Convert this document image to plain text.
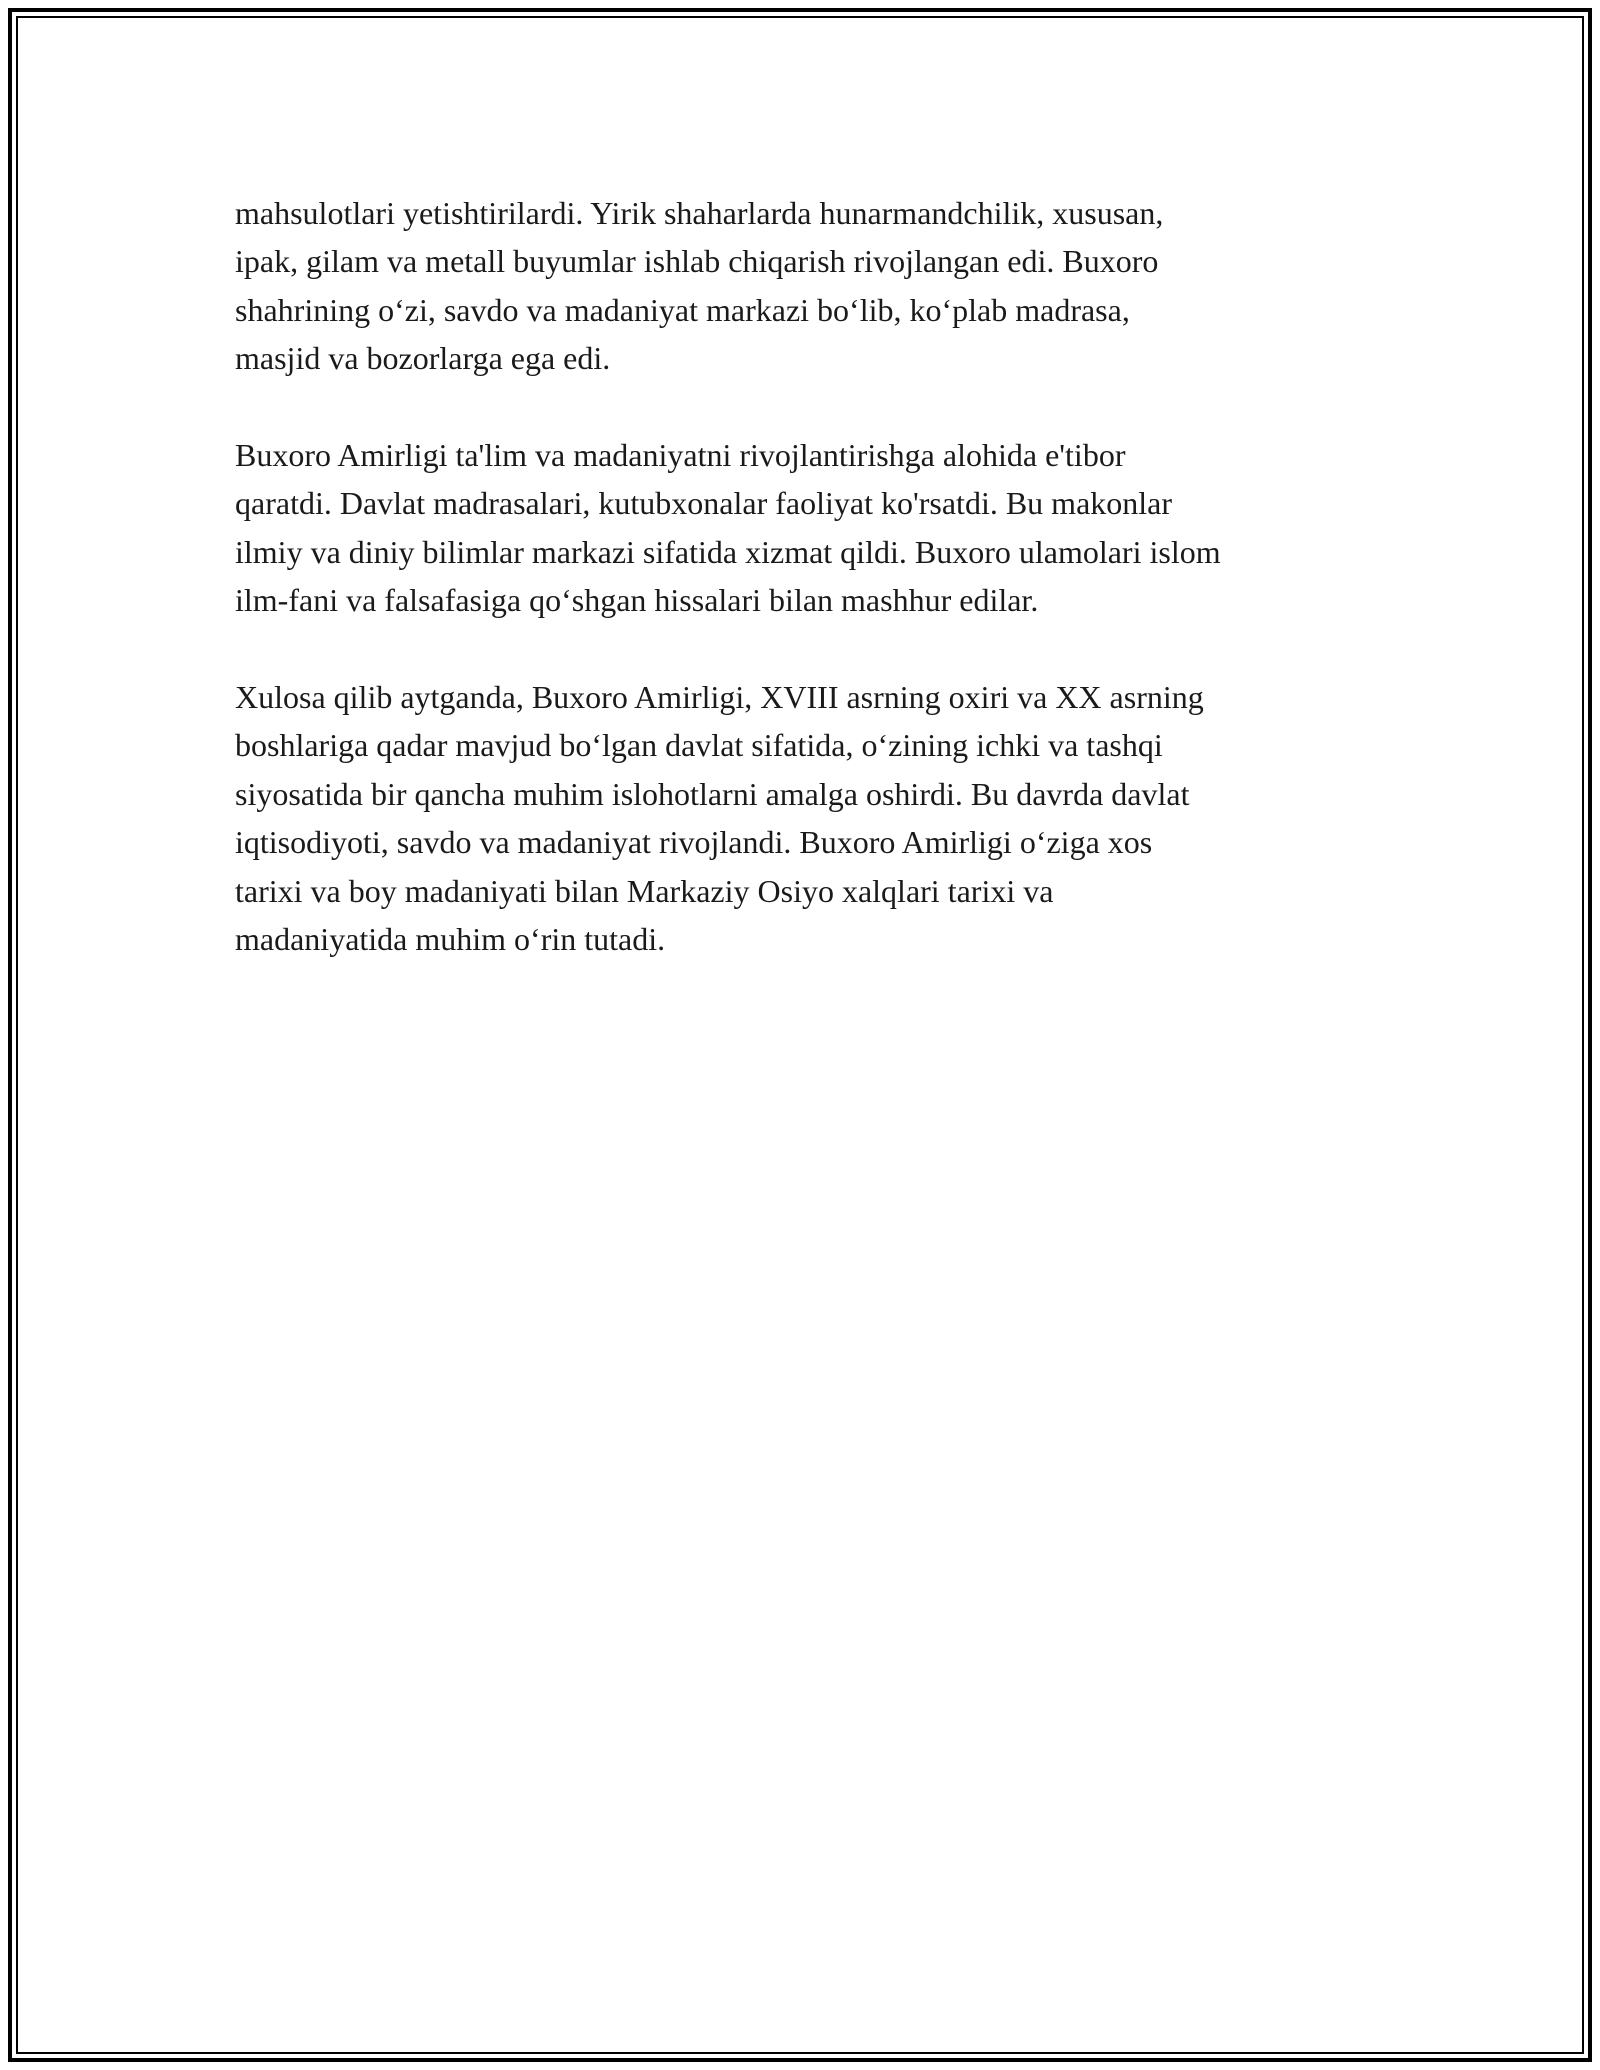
mahsulotlari yetishtirilardi. Yirik shaharlarda hunarmandchilik, xususan,
ipak, gilam va metall buyumlar ishlab chiqarish rivojlangan edi. Buxoro
shahrining o‘zi, savdo va madaniyat markazi bo‘lib, ko‘plab madrasa,
masjid va bozorlarga ega edi.

Buxoro Amirligi ta'lim va madaniyatni rivojlantirishga alohida e'tibor
qaratdi. Davlat madrasalari, kutubxonalar faoliyat ko'rsatdi. Bu makonlar
ilmiy va diniy bilimlar markazi sifatida xizmat qildi. Buxoro ulamolari islom
ilm-fani va falsafasiga qo‘shgan hissalari bilan mashhur edilar.

Xulosa qilib aytganda, Buxoro Amirligi, XVIII asrning oxiri va XX asrning
boshlariga qadar mavjud bo‘lgan davlat sifatida, o‘zining ichki va tashqi
siyosatida bir qancha muhim islohotlarni amalga oshirdi. Bu davrda davlat
iqtisodiyoti, savdo va madaniyat rivojlandi. Buxoro Amirligi o‘ziga xos
tarixi va boy madaniyati bilan Markaziy Osiyo xalqlari tarixi va
madaniyatida muhim o‘rin tutadi.
